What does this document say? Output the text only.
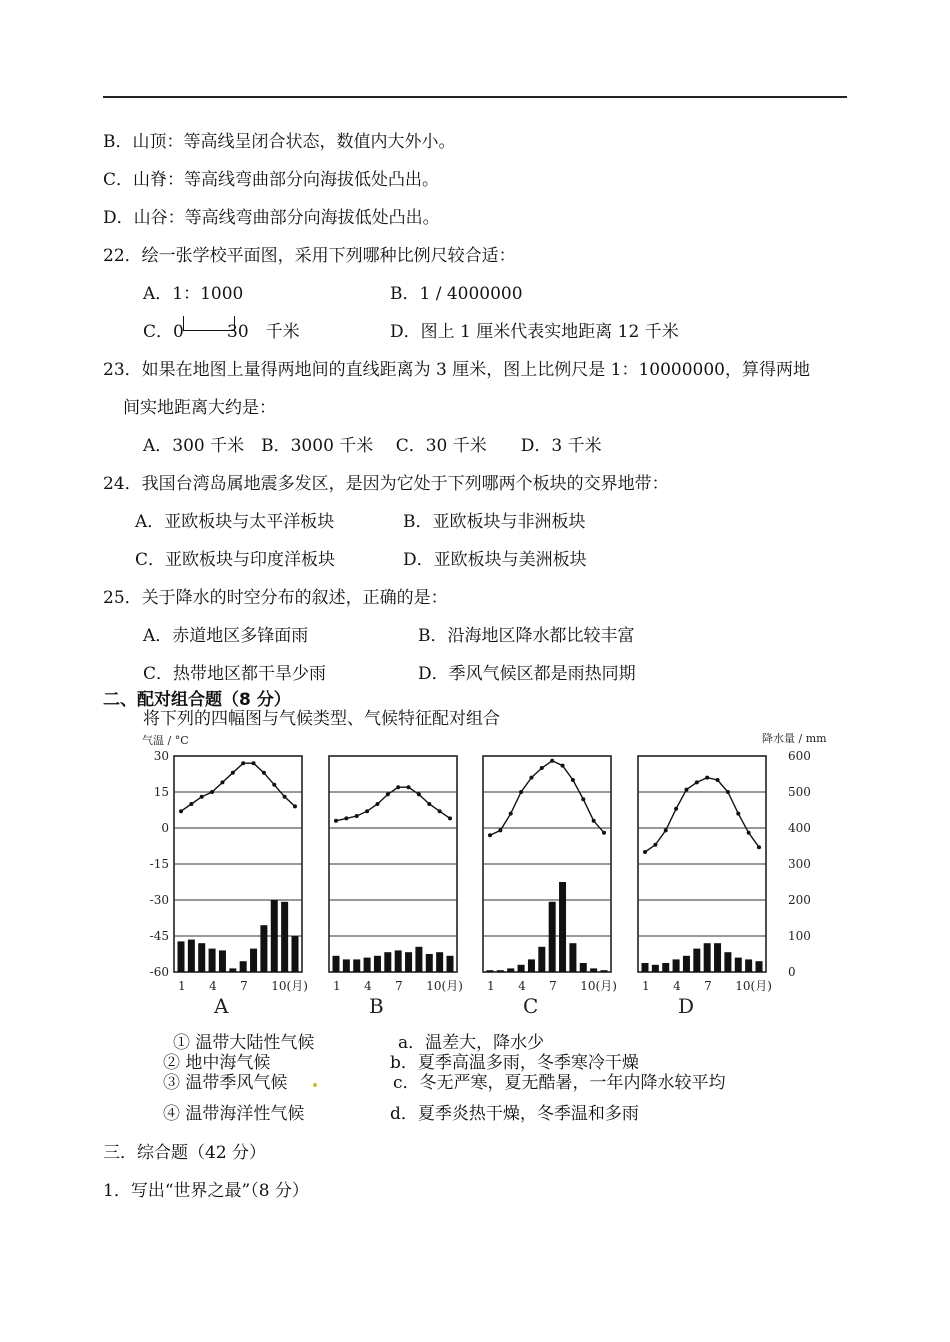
B．山顶：等高线呈闭合状态，数值内大外小。
C．山脊：等高线弯曲部分向海拔低处凸出。
D．山谷：等高线弯曲部分向海拔低处凸出。
22．绘一张学校平面图，采用下列哪种比例尺较合适：
A．1：1000	B．1 / 4000000
C．0	30　千米	D．图上 1 厘米代表实地距离 12 千米
23．如果在地图上量得两地间的直线距离为 3 厘米，图上比例尺是 1：10000000，算得两地
间实地距离大约是：
A．300 千米　B．3000 千米　 C．30 千米　　D．3 千米
24．我国台湾岛属地震多发区，是因为它处于下列哪两个板块的交界地带：
A．亚欧板块与太平洋板块	B．亚欧板块与非洲板块
C．亚欧板块与印度洋板块	D．亚欧板块与美洲板块
25．关于降水的时空分布的叙述，正确的是：
A．赤道地区多锋面雨	B．沿海地区降水都比较丰富
C．热带地区都干旱少雨	D．季风气候区都是雨热同期
二、配对组合题（8 分）
将下列的四幅图与气候类型、气候特征配对组合
气温 / °C	降水量 / mm
1 4 7 10(月)
A
1 4 7 10(月)
B
1 4 7 10(月)
C
1 4 7 10(月)
D
30
15
0
-15
-30
-45
-60
600
500
400
300
200
100
0
① 温带大陆性气候
② 地中海气候
③ 温带季风气候
④ 温带海洋性气候
a．温差大，降水少
b．夏季高温多雨，冬季寒冷干燥
c．冬无严寒，夏无酷暑，一年内降水较平均
d．夏季炎热干燥，冬季温和多雨
三．综合题（42 分）
1．写出“世界之最”（8 分）
